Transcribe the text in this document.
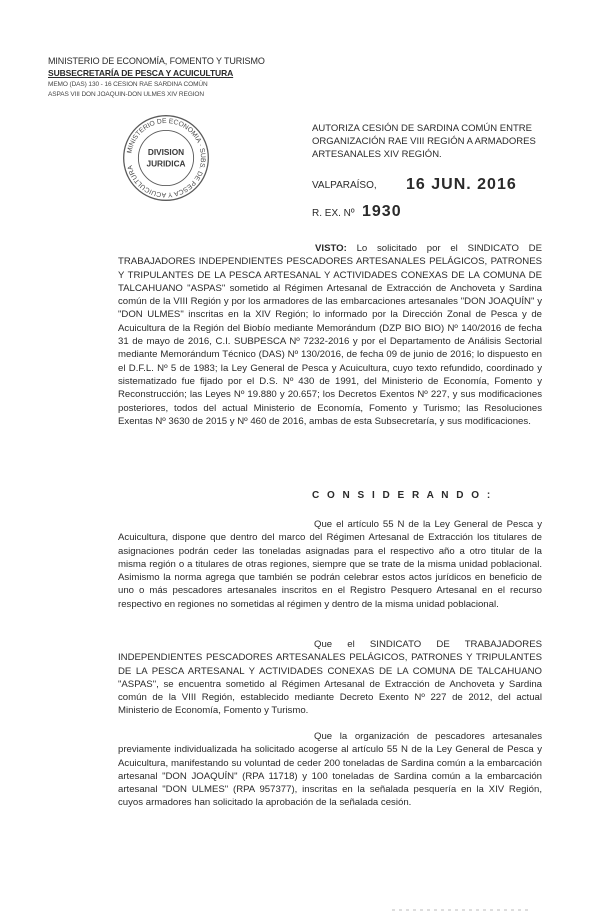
MINISTERIO DE ECONOMÍA, FOMENTO Y TURISMO
SUBSECRETARÍA DE PESCA Y ACUICULTURA
MEMO (DAS) 130 - 16 CESION RAE SARDINA COMÚN
ASPAS VIII DON JOAQUIN-DON ULMES XIV REGION
MINISTERIO DE ECONOMIA · SUBS. DE PESCA Y ACUICULTURA
DIVISION
JURIDICA
AUTORIZA CESIÓN DE SARDINA COMÚN ENTRE ORGANIZACIÓN RAE VIII REGIÓN A ARMADORES ARTESANALES XIV REGIÓN.
VALPARAÍSO, 16 JUN. 2016
R. EX. Nº 1930
VISTO: Lo solicitado por el SINDICATO DE TRABAJADORES INDEPENDIENTES PESCADORES ARTESANALES PELÁGICOS, PATRONES Y TRIPULANTES DE LA PESCA ARTESANAL Y ACTIVIDADES CONEXAS DE LA COMUNA DE TALCAHUANO "ASPAS" sometido al Régimen Artesanal de Extracción de Anchoveta y Sardina común de la VIII Región y por los armadores de las embarcaciones artesanales "DON JOAQUÍN" y "DON ULMES" inscritas en la XIV Región; lo informado por la Dirección Zonal de Pesca y de Acuicultura de la Región del Biobío mediante Memorándum (DZP BIO BIO) Nº 140/2016 de fecha 31 de mayo de 2016, C.I. SUBPESCA Nº 7232-2016 y por el Departamento de Análisis Sectorial mediante Memorándum Técnico (DAS) Nº 130/2016, de fecha 09 de junio de 2016; lo dispuesto en el D.F.L. Nº 5 de 1983; la Ley General de Pesca y Acuicultura, cuyo texto refundido, coordinado y sistematizado fue fijado por el D.S. Nº 430 de 1991, del Ministerio de Economía, Fomento y Reconstrucción; las Leyes Nº 19.880 y 20.657; los Decretos Exentos Nº 227, y sus modificaciones posteriores, todos del actual Ministerio de Economía, Fomento y Turismo; las Resoluciones Exentas Nº 3630 de 2015 y Nº 460 de 2016, ambas de esta Subsecretaría, y sus modificaciones.
C O N S I D E R A N D O :
Que el artículo 55 N de la Ley General de Pesca y Acuicultura, dispone que dentro del marco del Régimen Artesanal de Extracción los titulares de asignaciones podrán ceder las toneladas asignadas para el respectivo año a otro titular de la misma región o a titulares de otras regiones, siempre que se trate de la misma unidad poblacional. Asimismo la norma agrega que también se podrán celebrar estos actos jurídicos en beneficio de uno o más pescadores artesanales inscritos en el Registro Pesquero Artesanal en el recurso respectivo en regiones no sometidas al régimen y dentro de la misma unidad poblacional.
Que el SINDICATO DE TRABAJADORES INDEPENDIENTES PESCADORES ARTESANALES PELÁGICOS, PATRONES Y TRIPULANTES DE LA PESCA ARTESANAL Y ACTIVIDADES CONEXAS DE LA COMUNA DE TALCAHUANO "ASPAS", se encuentra sometido al Régimen Artesanal de Extracción de Anchoveta y Sardina común de la VIII Región, establecido mediante Decreto Exento Nº 227 de 2012, del actual Ministerio de Economía, Fomento y Turismo.
Que la organización de pescadores artesanales previamente individualizada ha solicitado acogerse al artículo 55 N de la Ley General de Pesca y Acuicultura, manifestando su voluntad de ceder 200 toneladas de Sardina común a la embarcación artesanal "DON JOAQUÍN" (RPA 11718) y 100 toneladas de Sardina común a la embarcación artesanal "DON ULMES" (RPA 957377), inscritas en la señalada pesquería en la XIV Región, cuyos armadores han solicitado la aprobación de la señalada cesión.
